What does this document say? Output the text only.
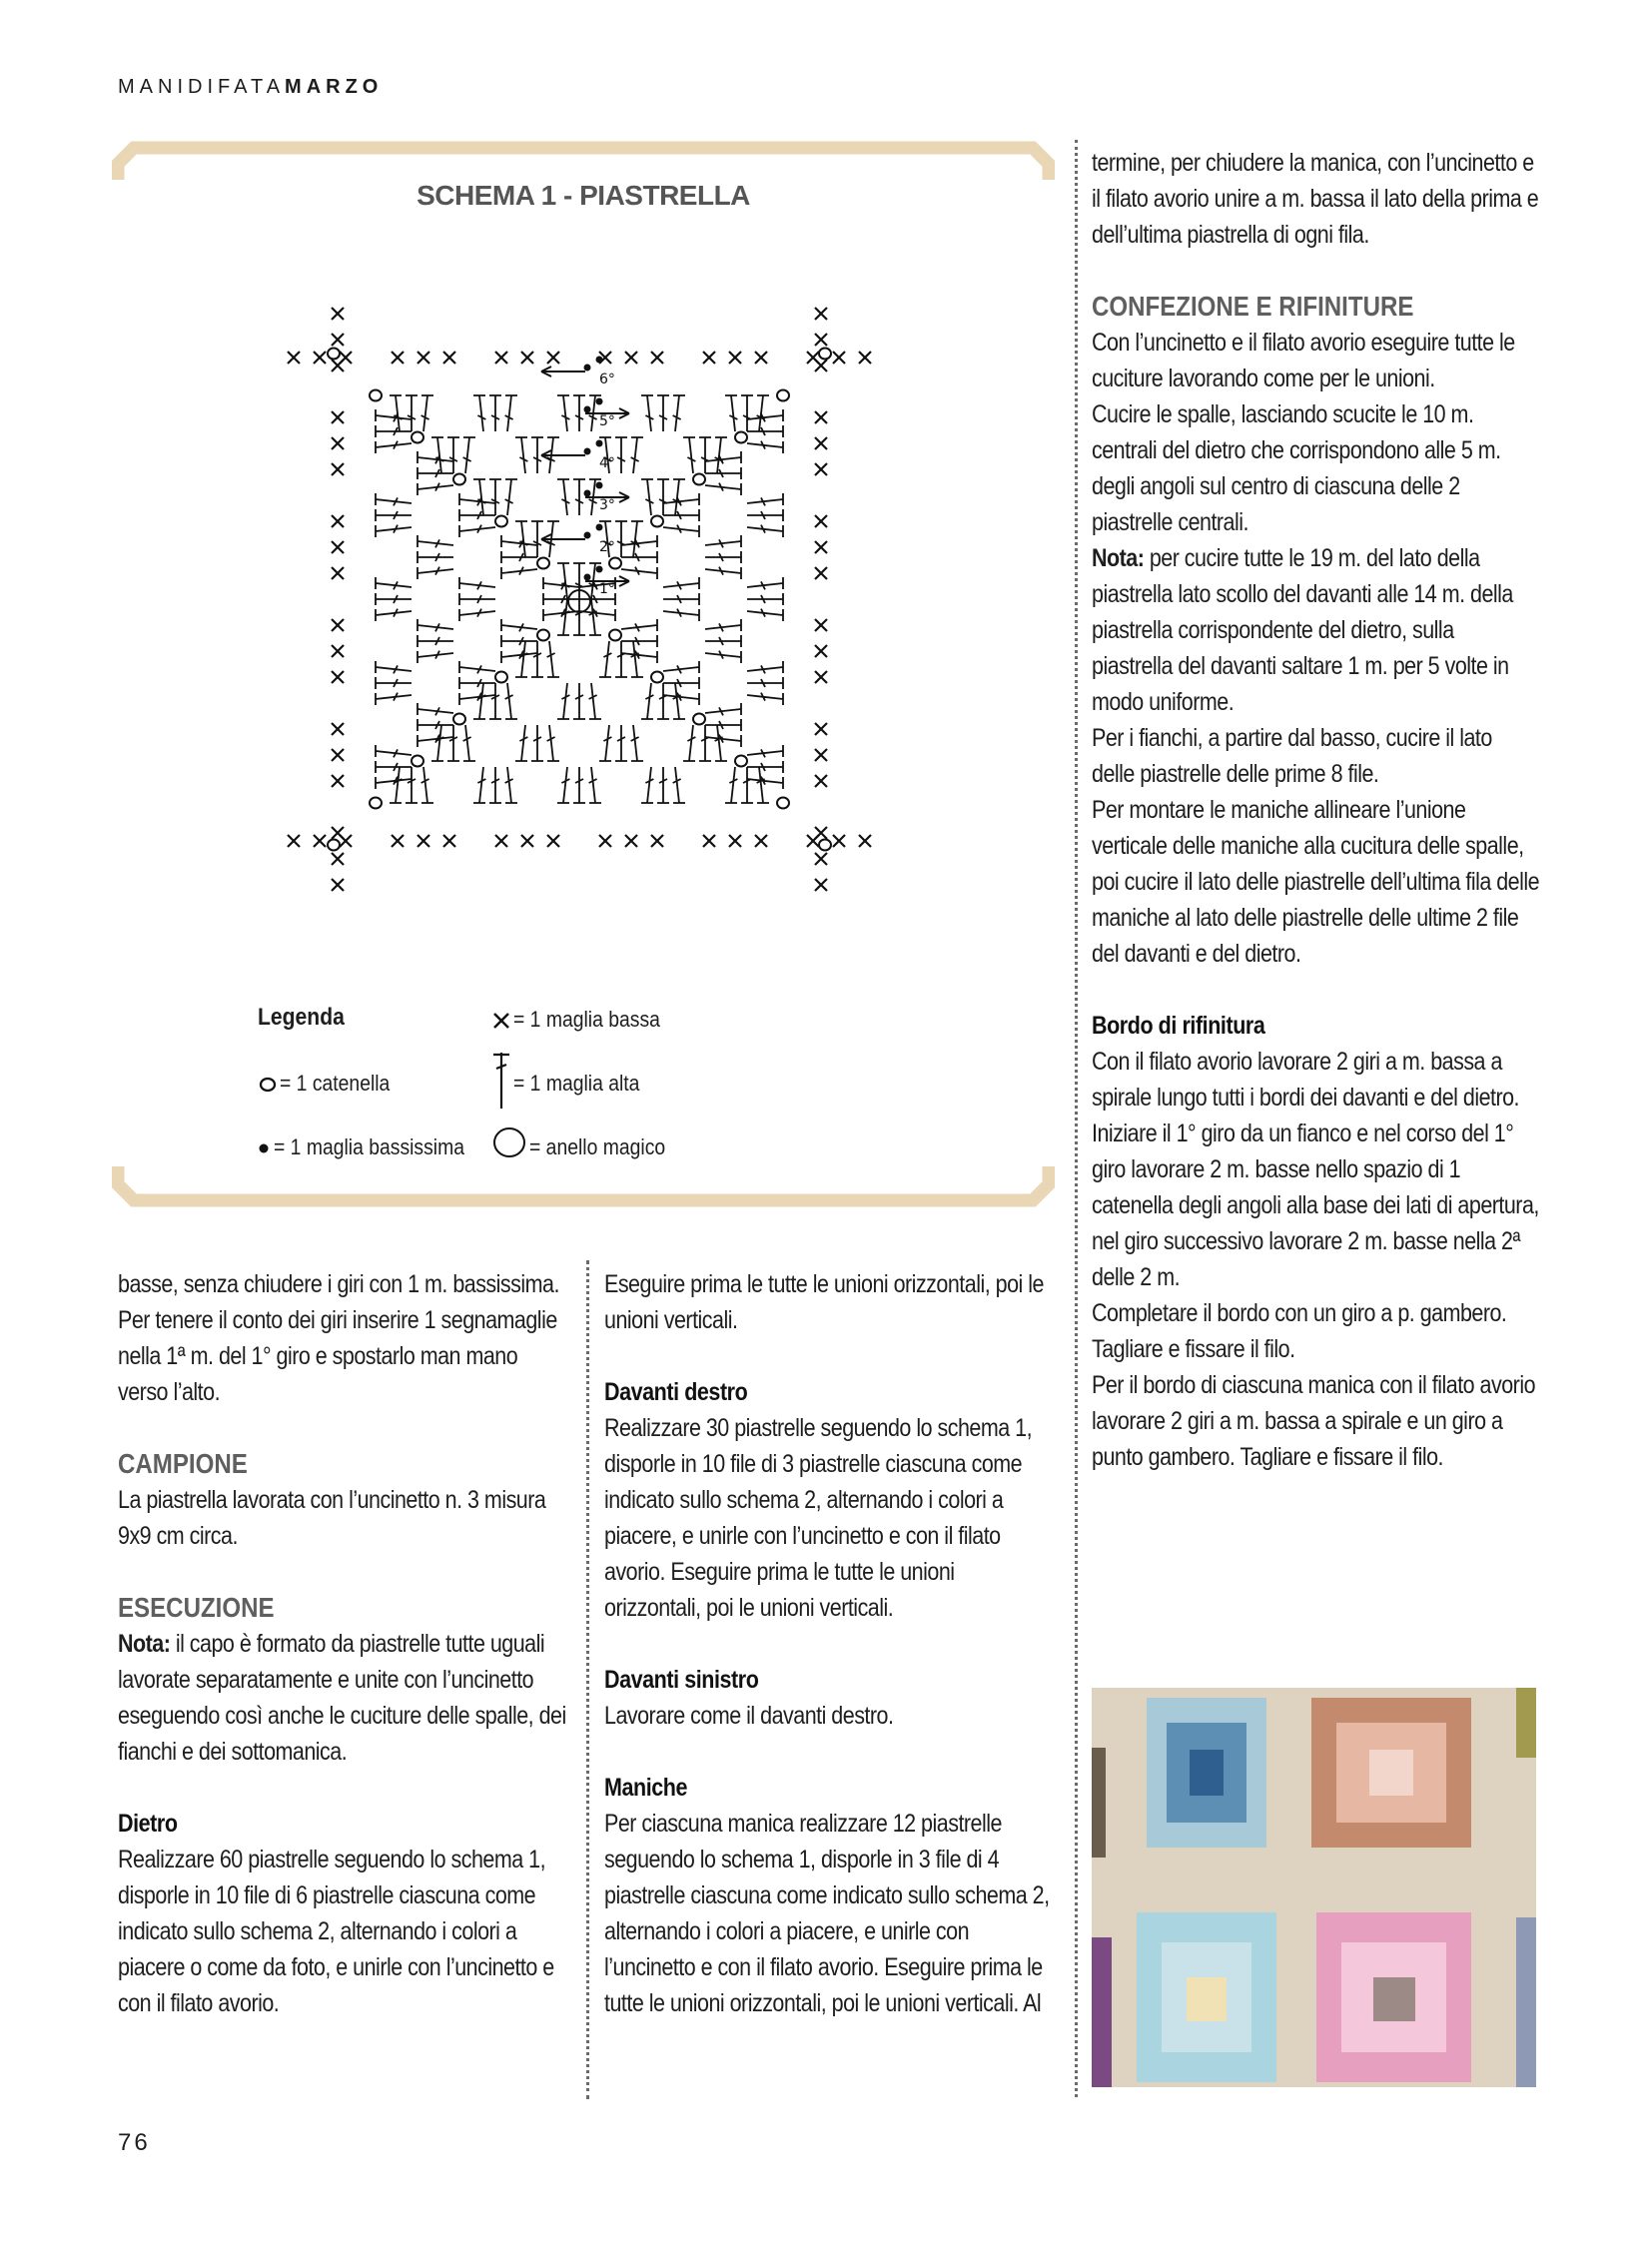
MANIDIFATAMARZO
SCHEMA 1 - PIASTRELLA
1°
2°
3°
4°
5°
6°
Legenda	= 1 maglia bassa
= 1 catenella	= 1 maglia alta
= 1 maglia bassissima	= anello magico
basse, senza chiudere i giri con 1 m. bassissima. Per tenere il conto dei giri inserire 1 segnamaglie nella 1ª m. del 1° giro e spostarlo man mano verso l’alto.
CAMPIONE
La piastrella lavorata con l’uncinetto n. 3 misura 9x9 cm circa.
ESECUZIONE
Nota: il capo è formato da piastrelle tutte uguali lavorate separatamente e unite con l’uncinetto eseguendo così anche le cuciture delle spalle, dei fianchi e dei sottomanica.
Dietro
Realizzare 60 piastrelle seguendo lo schema 1, disporle in 10 file di 6 piastrelle ciascuna come indicato sullo schema 2, alternando i colori a piacere o come da foto, e unirle con l’uncinetto e con il filato avorio.
Eseguire prima le tutte le unioni orizzontali, poi le unioni verticali.
Davanti destro
Realizzare 30 piastrelle seguendo lo schema 1, disporle in 10 file di 3 piastrelle ciascuna come indicato sullo schema 2, alternando i colori a piacere, e unirle con l’uncinetto e con il filato avorio. Eseguire prima le tutte le unioni orizzontali, poi le unioni verticali.
Davanti sinistro
Lavorare come il davanti destro.
Maniche
Per ciascuna manica realizzare 12 piastrelle seguendo lo schema 1, disporle in 3 file di 4 piastrelle ciascuna come indicato sullo schema 2, alternando i colori a piacere, e unirle con l’uncinetto e con il filato avorio. Eseguire prima le tutte le unioni orizzontali, poi le unioni verticali. Al
termine, per chiudere la manica, con l’uncinetto e il filato avorio unire a m. bassa il lato della prima e dell’ultima piastrella di ogni fila.
CONFEZIONE E RIFINITURE
Con l’uncinetto e il filato avorio eseguire tutte le cuciture lavorando come per le unioni.
Cucire le spalle, lasciando scucite le 10 m. centrali del dietro che corrispondono alle 5 m. degli angoli sul centro di ciascuna delle 2 piastrelle centrali.
Nota: per cucire tutte le 19 m. del lato della piastrella lato scollo del davanti alle 14 m. della piastrella corrispondente del dietro, sulla piastrella del davanti saltare 1 m. per 5 volte in modo uniforme.
Per i fianchi, a partire dal basso, cucire il lato delle piastrelle delle prime 8 file.
Per montare le maniche allineare l’unione verticale delle maniche alla cucitura delle spalle, poi cucire il lato delle piastrelle dell’ultima fila delle maniche al lato delle piastrelle delle ultime 2 file del davanti e del dietro.
Bordo di rifinitura
Con il filato avorio lavorare 2 giri a m. bassa a spirale lungo tutti i bordi dei davanti e del dietro.
Iniziare il 1° giro da un fianco e nel corso del 1° giro lavorare 2 m. basse nello spazio di 1 catenella degli angoli alla base dei lati di apertura, nel giro successivo lavorare 2 m. basse nella 2ª delle 2 m.
Completare il bordo con un giro a p. gambero. Tagliare e fissare il filo.
Per il bordo di ciascuna manica con il filato avorio lavorare 2 giri a m. bassa a spirale e un giro a punto gambero. Tagliare e fissare il filo.
76
